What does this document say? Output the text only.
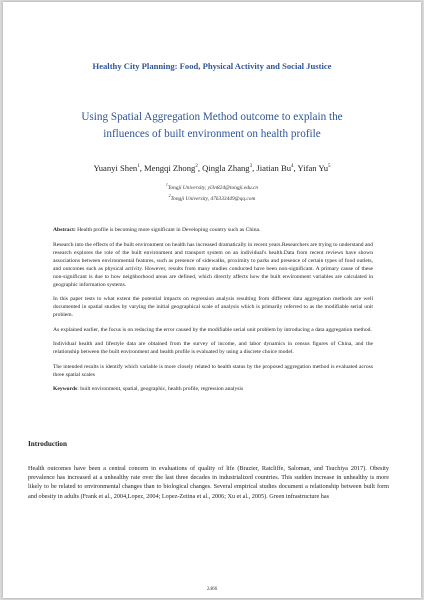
Healthy City Planning: Food, Physical Activity and Social Justice
Using Spatial Aggregation Method outcome to explain the influences of built environment on health profile
Yuanyi Shen$^1$, Mengqi Zhong$^2$, Qingla Zhang$^3$, Jiatian Bu$^4$, Yifan Yu$^5$
$^1$Tongji University, yl3n824@tongji.edu.cn
$^2$Tongji University, 476333449@qq.com

Abstract: Health profile is becoming more significant in Developing country such as China.

Research into the effects of the built environment on health has increased dramatically in recent years.Researchers are trying to understand and research explores the role of the built environment and transport system on an individual's health.Data from recent reviews have shown associations between environmental features, such as presence of sidewalks, proximity to parks and presence of certain types of food outlets, and outcomes such as physical activity. However, results from many studies conducted have been non-significant. A primary cause of these non-significant is due to how neighborhood areas are defined, which directly affects how the built environment variables are calculated in geographic information systems.

In this paper tests to what extent the potential impacts on regression analysis resulting from different data aggregation methods are well documented in spatial studies by varying the initial geographical scale of analysis which is primarily referred to as the modifiable serial unit problem.

As explained earlier, the focus is on reducing the error caused by the modifiable serial unit problem by introducing a data aggregation method.

Individual health and lifestyle data are obtained from the survey of income, and labor dynamics in census figures of China, and the relationship between the built environment and health profile is evaluated by using a discrete choice model.

The intended results is identify which variable is more closely related to health status by the proposed aggregation method is evaluated across three spatial scales

Keywords: built environment, spatial, geographic, health profile, regression analysis

Introduction

Health outcomes have been a central concern in evaluations of quality of life (Brazier, Ratcliffe, Saloman, and Tsuchiya 2017). Obesity prevalence has increased at a unhealthy rate over the last three decades in industrialized countries. This sudden increase in unhealthy is more likely to be related to environmental changes than to biological changes. Several empirical studies document a relationship between built form and obesity in adults (Frank et al., 2004,Lopez, 2004; Lopez-Zetina et al., 2006; Xu et al., 2005). Green infrastructure has

2466
